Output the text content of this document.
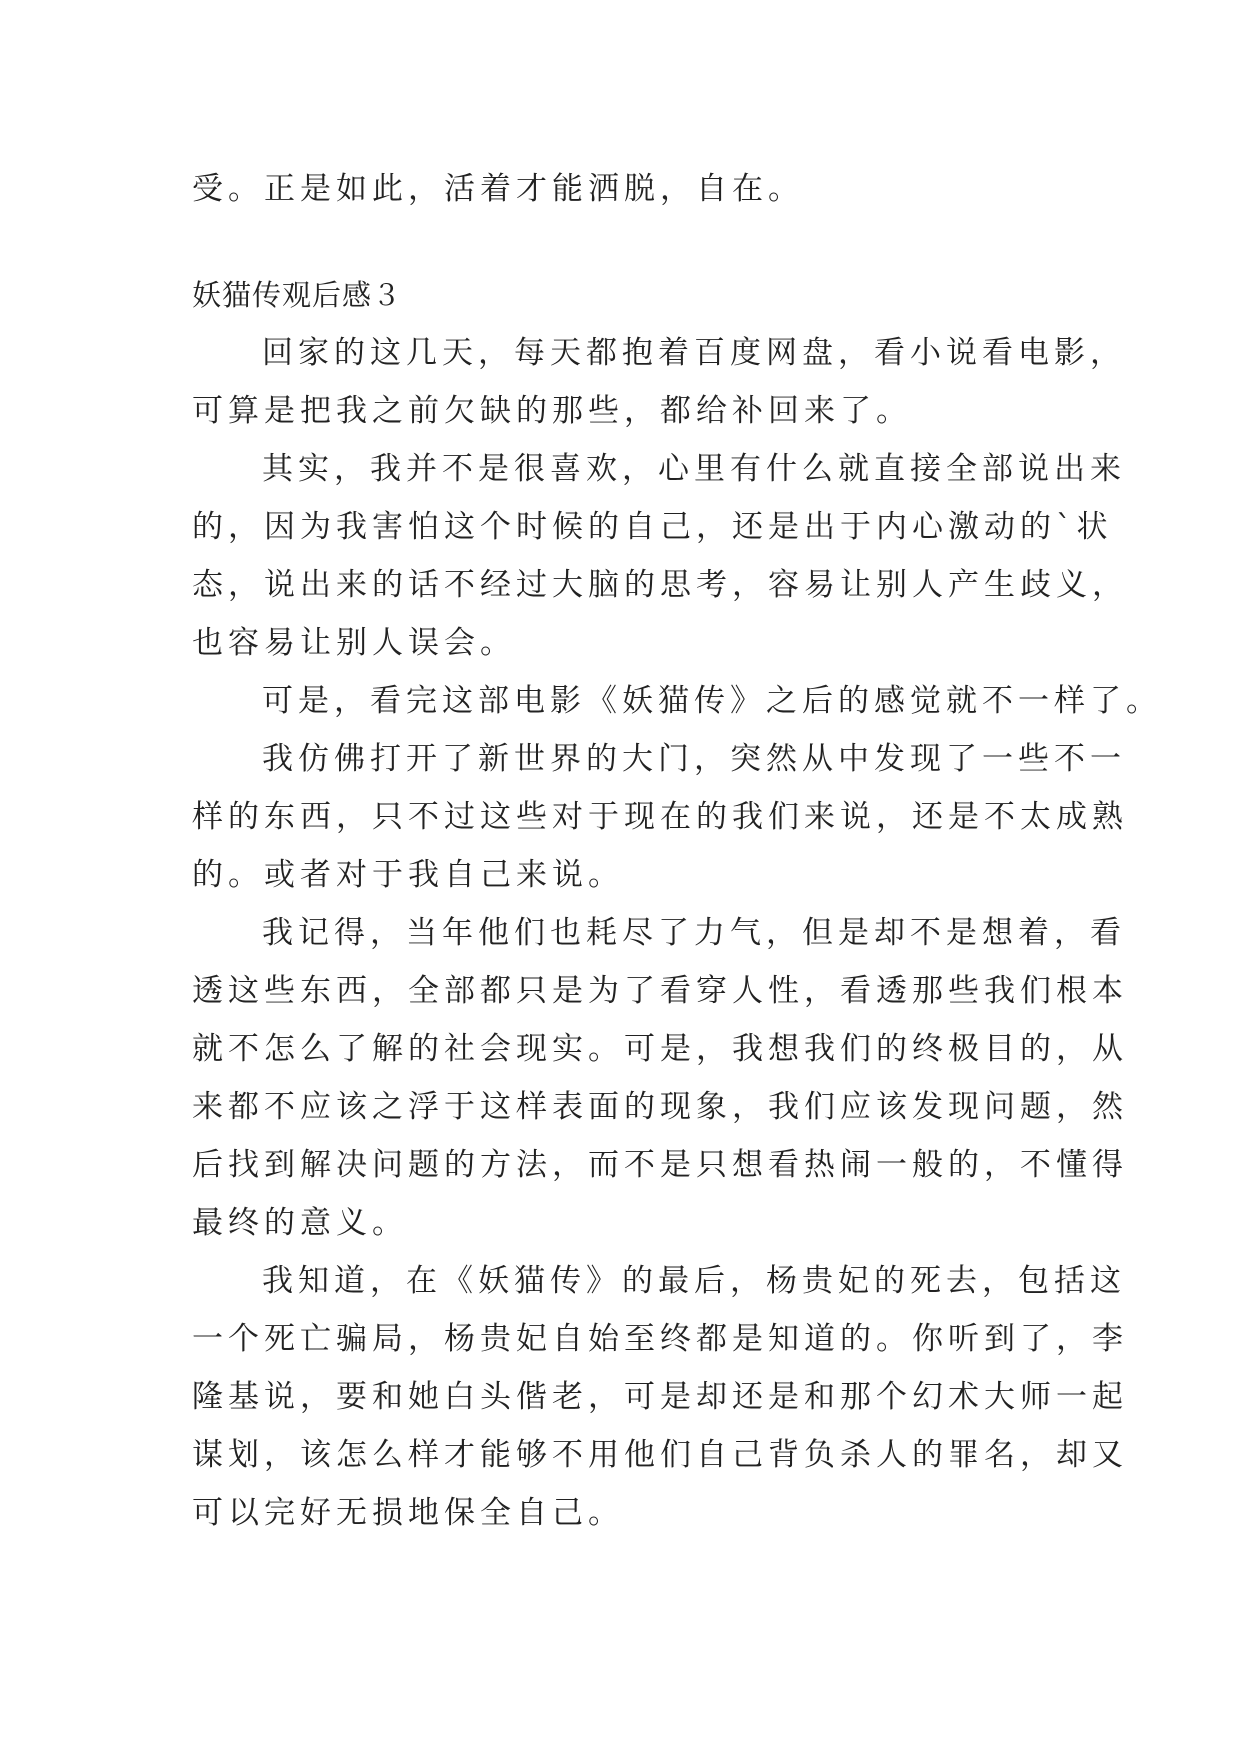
受。正是如此，活着才能洒脱，自在。
妖猫传观后感３
回家的这几天，每天都抱着百度网盘，看小说看电影，
可算是把我之前欠缺的那些，都给补回来了。
其实，我并不是很喜欢，心里有什么就直接全部说出来
的，因为我害怕这个时候的自己，还是出于内心激动的`状
态，说出来的话不经过大脑的思考，容易让别人产生歧义，
也容易让别人误会。
可是，看完这部电影《妖猫传》之后的感觉就不一样了。
我仿佛打开了新世界的大门，突然从中发现了一些不一
样的东西，只不过这些对于现在的我们来说，还是不太成熟
的。或者对于我自己来说。
我记得，当年他们也耗尽了力气，但是却不是想着，看
透这些东西，全部都只是为了看穿人性，看透那些我们根本
就不怎么了解的社会现实。可是，我想我们的终极目的，从
来都不应该之浮于这样表面的现象，我们应该发现问题，然
后找到解决问题的方法，而不是只想看热闹一般的，不懂得
最终的意义。
我知道，在《妖猫传》的最后，杨贵妃的死去，包括这
一个死亡骗局，杨贵妃自始至终都是知道的。你听到了，李
隆基说，要和她白头偕老，可是却还是和那个幻术大师一起
谋划，该怎么样才能够不用他们自己背负杀人的罪名，却又
可以完好无损地保全自己。
